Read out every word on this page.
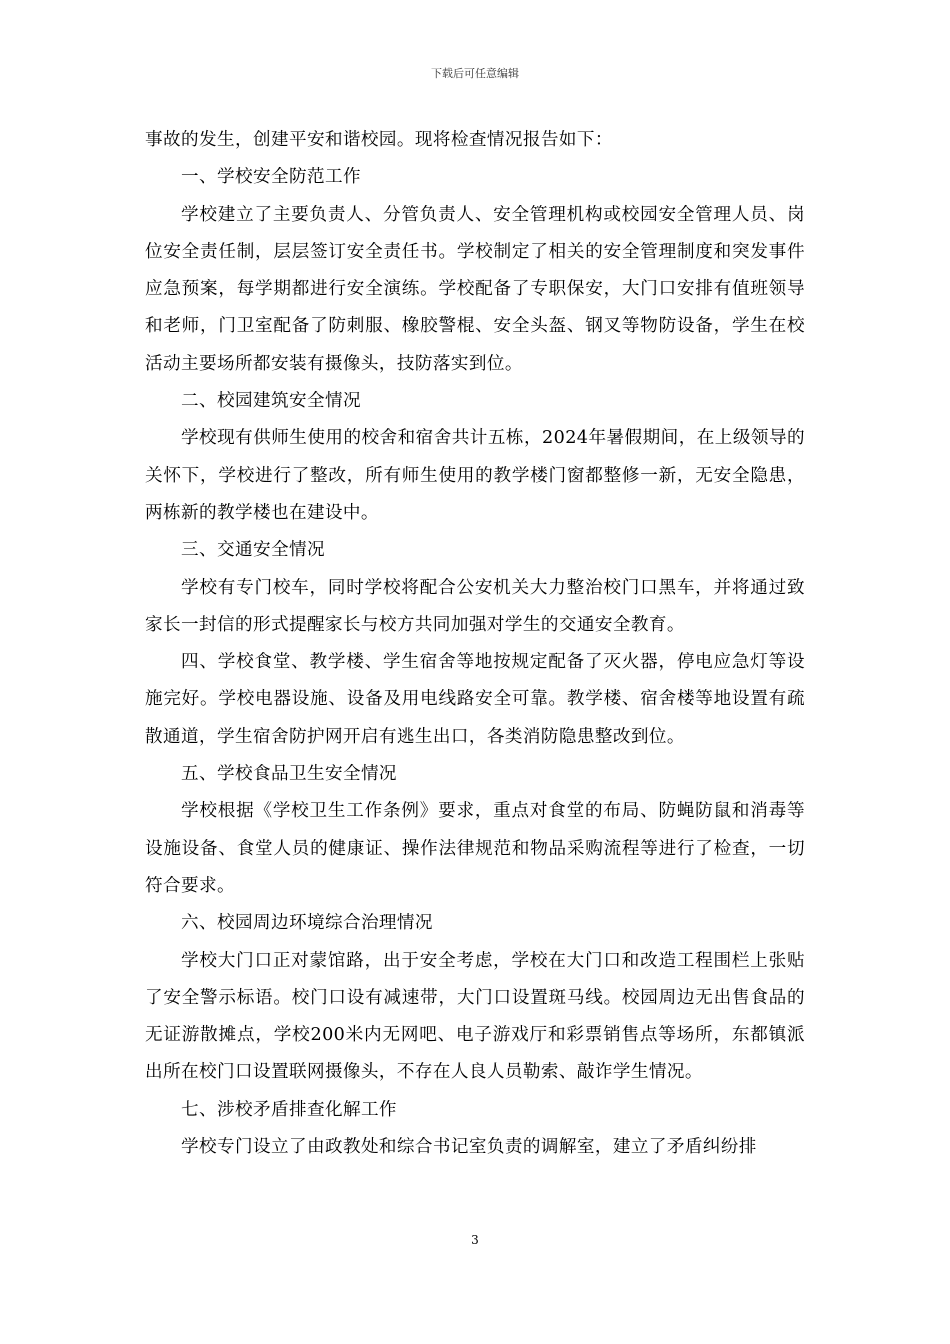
下载后可任意编辑

事故的发生，创建平安和谐校园。现将检查情况报告如下：

一、学校安全防范工作

学校建立了主要负责人、分管负责人、安全管理机构或校园安全管理人员、岗位安全责任制，层层签订安全责任书。学校制定了相关的安全管理制度和突发事件应急预案，每学期都进行安全演练。学校配备了专职保安，大门口安排有值班领导和老师，门卫室配备了防刺服、橡胶警棍、安全头盔、钢叉等物防设备，学生在校活动主要场所都安装有摄像头，技防落实到位。

二、校园建筑安全情况

学校现有供师生使用的校舍和宿舍共计五栋，2024年暑假期间，在上级领导的关怀下，学校进行了整改，所有师生使用的教学楼门窗都整修一新，无安全隐患，两栋新的教学楼也在建设中。

三、交通安全情况

学校有专门校车，同时学校将配合公安机关大力整治校门口黑车，并将通过致家长一封信的形式提醒家长与校方共同加强对学生的交通安全教育。

四、学校食堂、教学楼、学生宿舍等地按规定配备了灭火器，停电应急灯等设施完好。学校电器设施、设备及用电线路安全可靠。教学楼、宿舍楼等地设置有疏散通道，学生宿舍防护网开启有逃生出口，各类消防隐患整改到位。

五、学校食品卫生安全情况

学校根据《学校卫生工作条例》要求，重点对食堂的布局、防蝇防鼠和消毒等设施设备、食堂人员的健康证、操作法律规范和物品采购流程等进行了检查，一切符合要求。

六、校园周边环境综合治理情况

学校大门口正对蒙馆路，出于安全考虑，学校在大门口和改造工程围栏上张贴了安全警示标语。校门口设有减速带，大门口设置斑马线。校园周边无出售食品的无证游散摊点，学校200米内无网吧、电子游戏厅和彩票销售点等场所，东都镇派出所在校门口设置联网摄像头，不存在人良人员勒索、敲诈学生情况。

七、涉校矛盾排查化解工作

学校专门设立了由政教处和综合书记室负责的调解室，建立了矛盾纠纷排

3
